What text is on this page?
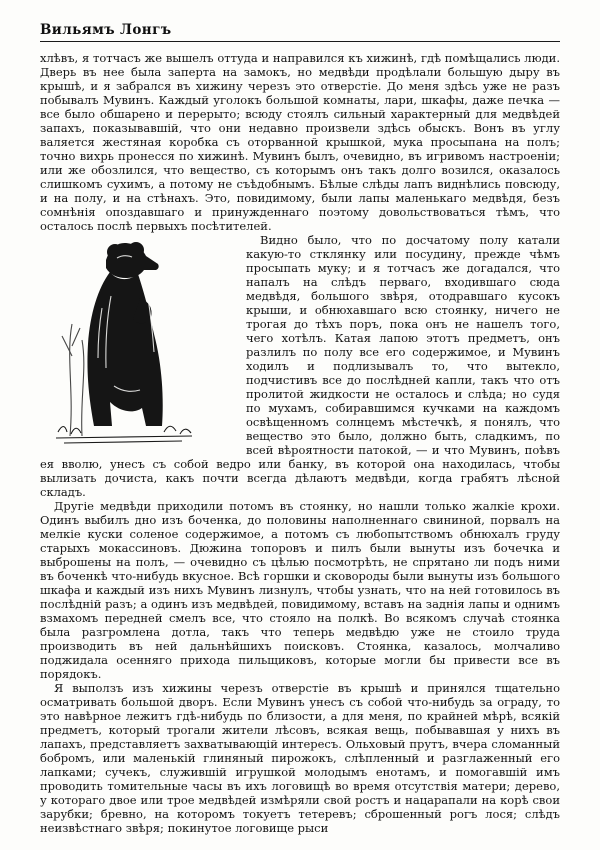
Вильямъ Лонгъ

хлѣвъ, я тотчасъ же вышелъ оттуда и направился къ хижинѣ, гдѣ помѣщались люди. Дверь въ нее была заперта на замокъ, но медвѣди продѣлали большую дыру въ крышѣ, и я забрался въ хижину черезъ это отверстіе. До меня здѣсь уже не разъ побывалъ Мувинъ. Каждый уголокъ большой комнаты, лари, шкафы, даже печка — все было обшарено и перерыто; всюду стоялъ сильный характерный для медвѣдей запахъ, показывавшій, что они недавно произвели здѣсь обыскъ. Вонъ въ углу валяется жестяная коробка съ оторванной крышкой, мука просыпана на полъ; точно вихрь пронесся по хижинѣ. Мувинъ былъ, очевидно, въ игривомъ настроеніи; или же обозлился, что вещество, съ которымъ онъ такъ долго возился, оказалось слишкомъ сухимъ, а потому не съѣдобнымъ. Бѣлые слѣды лапъ виднѣлись повсюду, и на полу, и на стѣнахъ. Это, повидимому, были лапы маленькаго медвѣдя, безъ сомнѣнія опоздавшаго и принужденнаго поэтому довольствоваться тѣмъ, что осталось послѣ первыхъ посѣтителей.

Видно было, что по досчатому полу катали какую-то стклянку или посудину, прежде чѣмъ просыпать муку; и я тотчасъ же догадался, что напалъ на слѣдъ перваго, входившаго сюда медвѣдя, большого звѣря, отодравшаго кусокъ крыши, и обнюхавшаго всю стоянку, ничего не трогая до тѣхъ поръ, пока онъ не нашелъ того, чего хотѣлъ. Катая лапою этотъ предметъ, онъ разлилъ по полу все его содержимое, и Мувинъ ходилъ и подлизывалъ то, что вытекло, подчистивъ все до послѣдней капли, такъ что отъ пролитой жидкости не осталось и слѣда; но судя по мухамъ, собиравшимся кучками на каждомъ освѣщенномъ солнцемъ мѣстечкѣ, я понялъ, что вещество это было, должно быть, сладкимъ, по всей вѣроятности патокой, — и что Мувинъ, поѣвъ ея вволю, унесъ съ собой ведро или банку, въ которой она находилась, чтобы вылизать дочиста, какъ почти всегда дѣлаютъ медвѣди, когда грабятъ лѣсной складъ.

Другіе медвѣди приходили потомъ въ стоянку, но нашли только жалкіе крохи. Одинъ выбилъ дно изъ боченка, до половины наполненнаго свининой, порвалъ на мелкіе куски соленое содержимое, а потомъ съ любопытствомъ обнюхалъ груду старыхъ мокассиновъ. Дюжина топоровъ и пилъ были вынуты изъ бочечка и выброшены на полъ, — очевидно съ цѣлью посмотрѣть, не спрятано ли подъ ними въ боченкѣ что-нибудь вкусное. Всѣ горшки и сковороды были вынуты изъ большого шкафа и каждый изъ нихъ Мувинъ лизнулъ, чтобы узнать, что на ней готовилось въ послѣдній разъ; а одинъ изъ медвѣдей, повидимому, вставъ на заднія лапы и однимъ взмахомъ передней смелъ все, что стояло на полкѣ. Во всякомъ случаѣ стоянка была разгромлена дотла, такъ что теперь медвѣдю уже не стоило труда производить въ ней дальнѣйшихъ поисковъ. Стоянка, казалось, молчаливо поджидала осенняго прихода пильщиковъ, которые могли бы привести все въ порядокъ.

Я выползъ изъ хижины черезъ отверстіе въ крышѣ и принялся тщательно осматривать большой дворъ. Если Мувинъ унесъ съ собой что-нибудь за ограду, то это навѣрное лежитъ гдѣ-нибудь по близости, а для меня, по крайней мѣрѣ, всякій предметъ, который трогали жители лѣсовъ, всякая вещь, побывавшая у нихъ въ лапахъ, представляетъ захватывающій интересъ. Ольховый прутъ, вчера сломанный бобромъ, или маленькій глиняный пирожокъ, слѣпленный и разглаженный его лапками; сучекъ, служившій игрушкой молодымъ енотамъ, и помогавшій имъ проводить томительные часы въ ихъ логовищѣ во время отсутствія матери; дерево, у котораго двое или трое медвѣдей измѣряли свой ростъ и нацарапали на корѣ свои зарубки; бревно, на которомъ токуетъ тетеревъ; сброшенный рогъ лося; слѣдъ неизвѣстнаго звѣря; покинутое логовище рыси
